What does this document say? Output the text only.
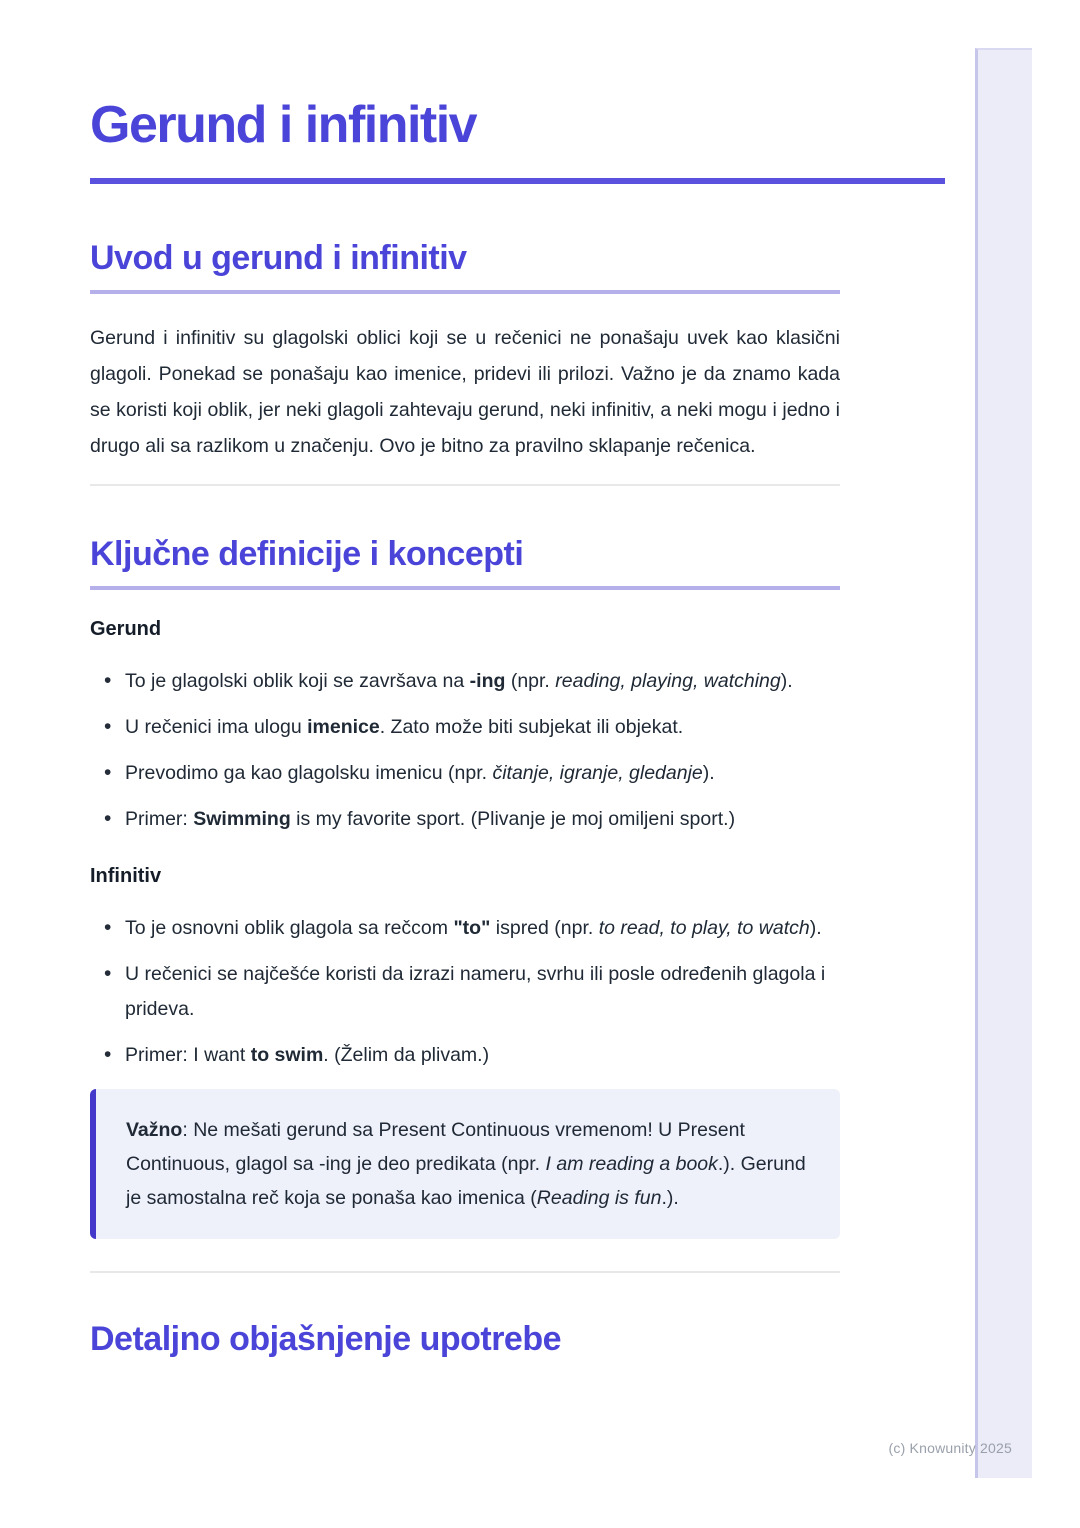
(c) Knowunity 2025
Gerund i infinitiv
Uvod u gerund i infinitiv

Gerund i infinitiv su glagolski oblici koji se u rečenici ne ponašaju uvek kao klasični glagoli. Ponekad se ponašaju kao imenice, pridevi ili prilozi. Važno je da znamo kada se koristi koji oblik, jer neki glagoli zahtevaju gerund, neki infinitiv, a neki mogu i jedno i drugo ali sa razlikom u značenju. Ovo je bitno za pravilno sklapanje rečenica.

Ključne definicije i koncepti
Gerund
• To je glagolski oblik koji se završava na -ing (npr. reading, playing, watching).
• U rečenici ima ulogu imenice. Zato može biti subjekat ili objekat.
• Prevodimo ga kao glagolsku imenicu (npr. čitanje, igranje, gledanje).
• Primer: Swimming is my favorite sport. (Plivanje je moj omiljeni sport.)
Infinitiv
• To je osnovni oblik glagola sa rečcom "to" ispred (npr. to read, to play, to watch).
• U rečenici se najčešće koristi da izrazi nameru, svrhu ili posle određenih glagola i prideva.
• Primer: I want to swim. (Želim da plivam.)
Važno: Ne mešati gerund sa Present Continuous vremenom! U Present Continuous, glagol sa -ing je deo predikata (npr. I am reading a book.). Gerund je samostalna reč koja se ponaša kao imenica (Reading is fun.).
Detaljno objašnjenje upotrebe
